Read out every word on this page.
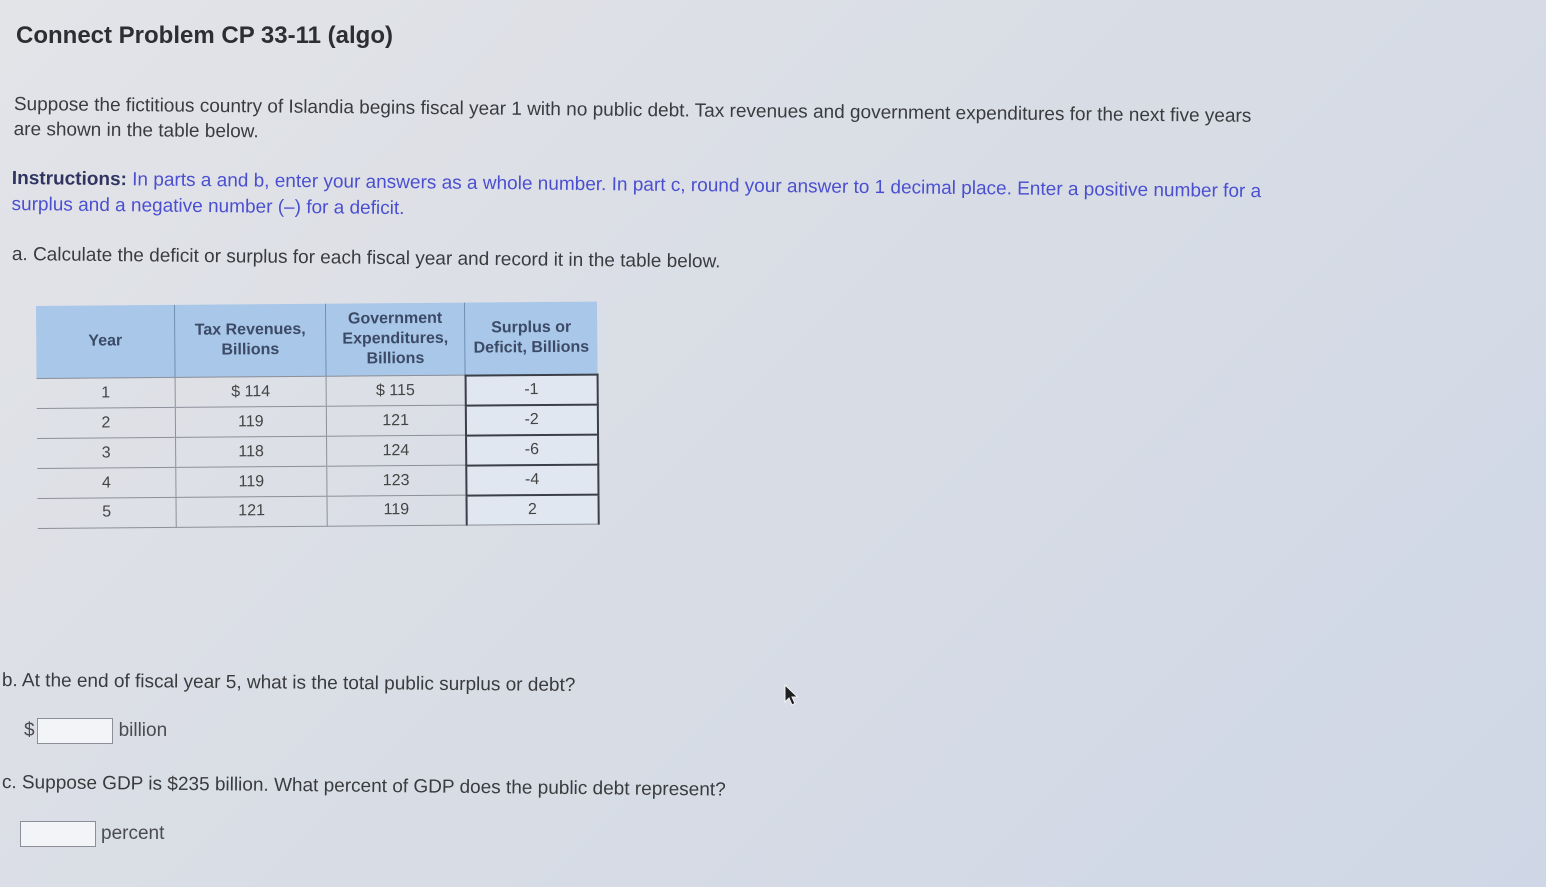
Connect Problem CP 33-11 (algo)
Suppose the fictitious country of Islandia begins fiscal year 1 with no public debt. Tax revenues and government expenditures for the next five years are shown in the table below.
Instructions: In parts a and b, enter your answers as a whole number. In part c, round your answer to 1 decimal place. Enter a positive number for a surplus and a negative number (–) for a deficit.
a. Calculate the deficit or surplus for each fiscal year and record it in the table below.
Year	Tax Revenues, Billions	Government Expenditures, Billions	Surplus or Deficit, Billions
1	$ 114	$ 115	-1
2	119	121	-2
3	118	124	-6
4	119	123	-4
5	121	119	2
b. At the end of fiscal year 5, what is the total public surplus or debt?
$	billion
c. Suppose GDP is $235 billion. What percent of GDP does the public debt represent?
percent
